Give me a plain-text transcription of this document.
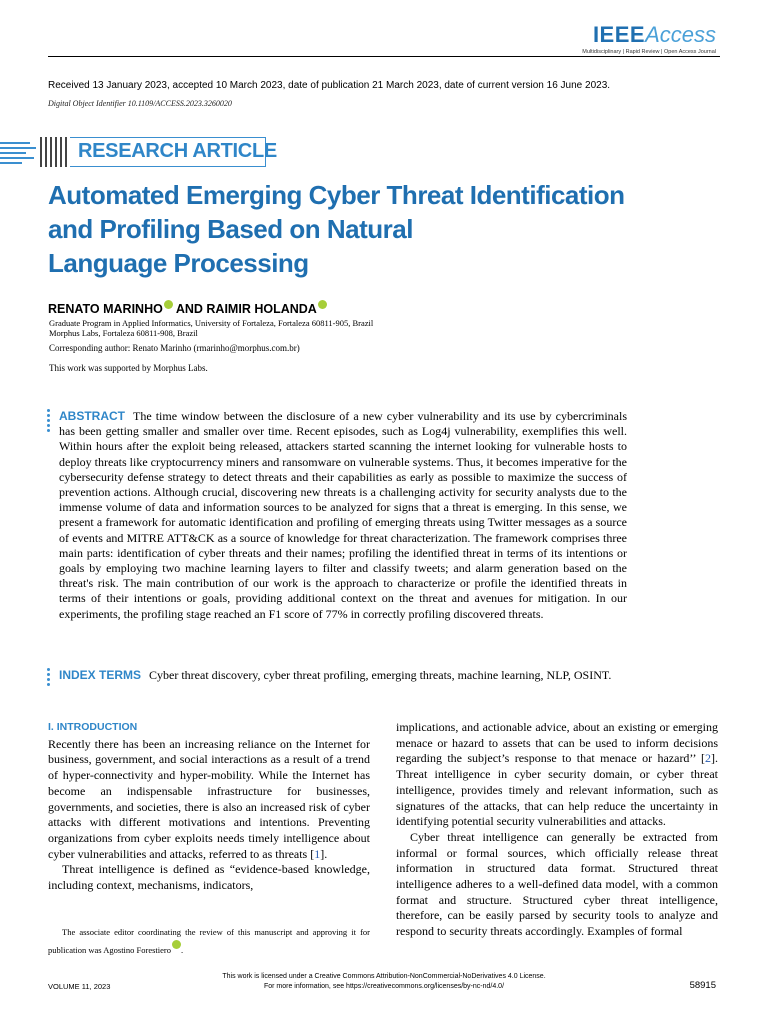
IEEEAccess
Multidisciplinary | Rapid Review | Open Access Journal
Received 13 January 2023, accepted 10 March 2023, date of publication 21 March 2023, date of current version 16 June 2023.
Digital Object Identifier 10.1109/ACCESS.2023.3260020
RESEARCH ARTICLE
Automated Emerging Cyber Threat Identification
and Profiling Based on Natural
Language Processing
RENATO MARINHO AND RAIMIR HOLANDA
Graduate Program in Applied Informatics, University of Fortaleza, Fortaleza 60811-905, Brazil
Morphus Labs, Fortaleza 60811-908, Brazil
Corresponding author: Renato Marinho (rmarinho@morphus.com.br)
This work was supported by Morphus Labs.
ABSTRACT The time window between the disclosure of a new cyber vulnerability and its use by cybercriminals has been getting smaller and smaller over time. Recent episodes, such as Log4j vulnerability, exemplifies this well. Within hours after the exploit being released, attackers started scanning the internet looking for vulnerable hosts to deploy threats like cryptocurrency miners and ransomware on vulnerable systems. Thus, it becomes imperative for the cybersecurity defense strategy to detect threats and their capabilities as early as possible to maximize the success of prevention actions. Although crucial, discovering new threats is a challenging activity for security analysts due to the immense volume of data and information sources to be analyzed for signs that a threat is emerging. In this sense, we present a framework for automatic identification and profiling of emerging threats using Twitter messages as a source of events and MITRE ATT&CK as a source of knowledge for threat characterization. The framework comprises three main parts: identification of cyber threats and their names; profiling the identified threat in terms of its intentions or goals by employing two machine learning layers to filter and classify tweets; and alarm generation based on the threat's risk. The main contribution of our work is the approach to characterize or profile the identified threats in terms of their intentions or goals, providing additional context on the threat and avenues for mitigation. In our experiments, the profiling stage reached an F1 score of 77% in correctly profiling discovered threats.
INDEX TERMS Cyber threat discovery, cyber threat profiling, emerging threats, machine learning, NLP, OSINT.
I. INTRODUCTION

Recently there has been an increasing reliance on the Internet for business, government, and social interactions as a result of a trend of hyper-connectivity and hyper-mobility. While the Internet has become an indispensable infrastructure for businesses, governments, and societies, there is also an increased risk of cyber attacks with different motivations and intentions. Preventing organizations from cyber exploits needs timely intelligence about cyber vulnerabilities and attacks, referred to as threats [1].

Threat intelligence is defined as “evidence-based knowledge, including context, mechanisms, indicators,

implications, and actionable advice, about an existing or emerging menace or hazard to assets that can be used to inform decisions regarding the subject’s response to that menace or hazard’’ [2]. Threat intelligence in cyber security domain, or cyber threat intelligence, provides timely and relevant information, such as signatures of the attacks, that can help reduce the uncertainty in identifying potential security vulnerabilities and attacks.

Cyber threat intelligence can generally be extracted from informal or formal sources, which officially release threat information in structured data format. Structured threat intelligence adheres to a well-defined data model, with a common format and structure. Structured cyber threat intelligence, therefore, can be easily parsed by security tools to analyze and respond to security threats accordingly. Examples of formal

The associate editor coordinating the review of this manuscript and approving it for publication was Agostino Forestiero .
This work is licensed under a Creative Commons Attribution-NonCommercial-NoDerivatives 4.0 License.
For more information, see https://creativecommons.org/licenses/by-nc-nd/4.0/
VOLUME 11, 2023	58915
